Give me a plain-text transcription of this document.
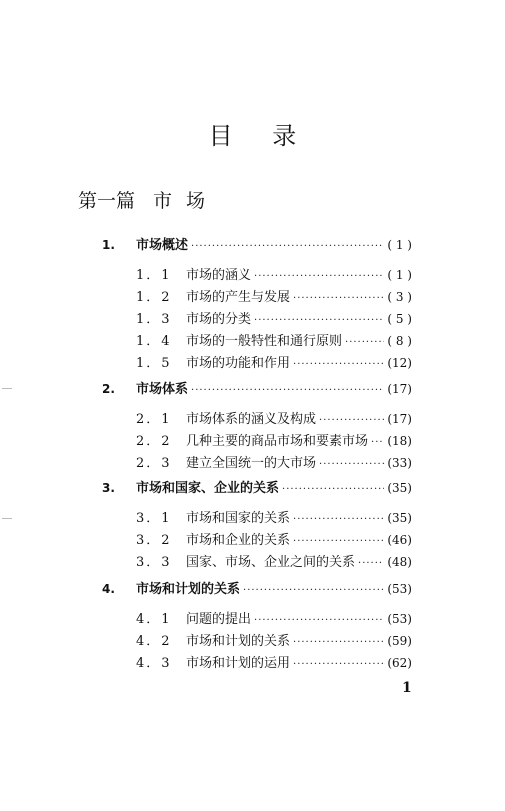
目 录
第一篇 市场
1.	市场概述 ·····	( 1 )
1．1	市场的涵义 ·····	( 1 )
1．2	市场的产生与发展 ·····	( 3 )
1．3	市场的分类 ·····	( 5 )
1．4	市场的一般特性和通行原则 ·····	( 8 )
1．5	市场的功能和作用 ·····	(12)
2.	市场体系 ·····	(17)
2．1	市场体系的涵义及构成 ·····	(17)
2．2	几种主要的商品市场和要素市场 ····· (18)
2．3	建立全国统一的大市场 ·····	(33)
3.	市场和国家、企业的关系 ·····	(35)
3．1	市场和国家的关系 ·····	(35)
3．2	市场和企业的关系 ·····	(46)
3．3	国家、市场、企业之间的关系 ·····	(48)
4.	市场和计划的关系 ·····	(53)
4．1	问题的提出 ·····	(53)
4．2	市场和计划的关系 ·····	(59)
4．3	市场和计划的运用 ·····	(62)
1
